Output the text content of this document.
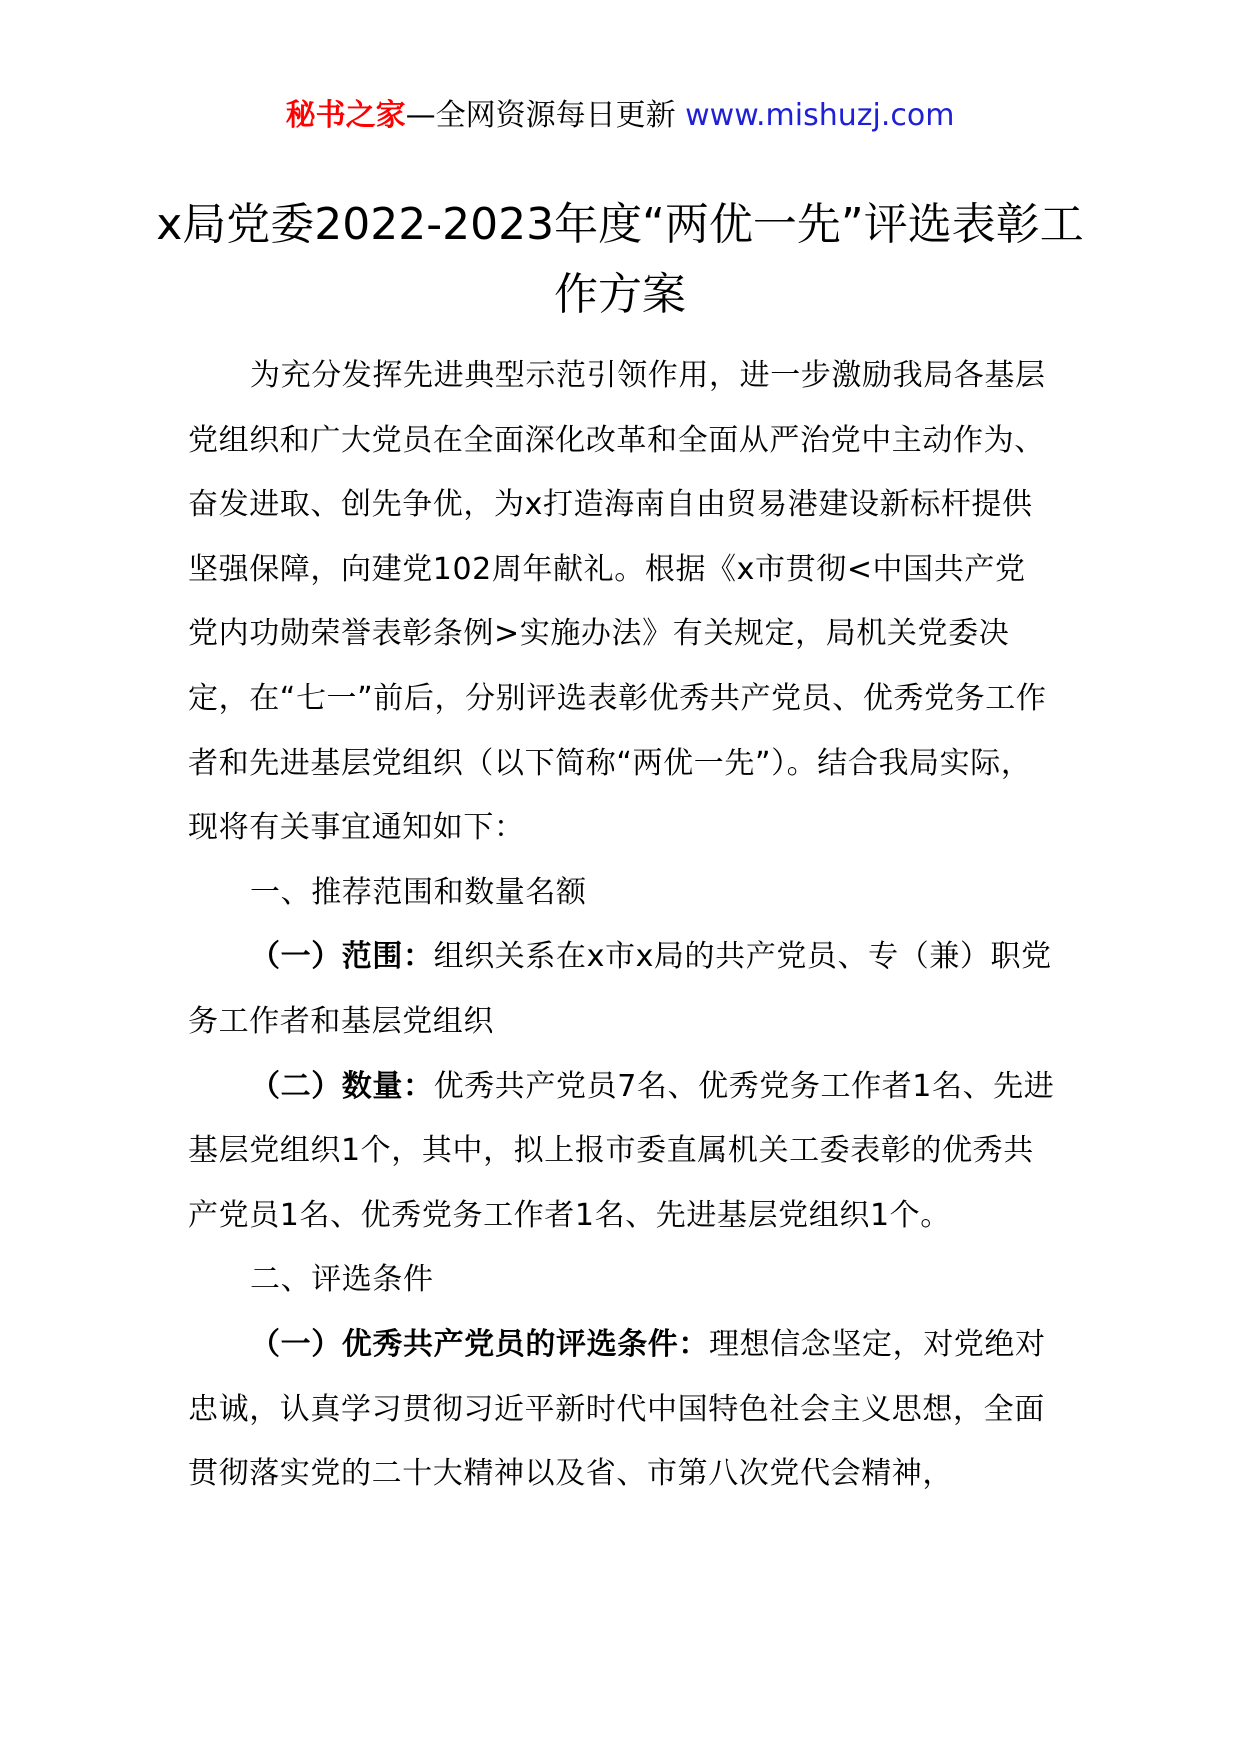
秘书之家—全网资源每日更新 www.mishuzj.com
x局党委2022-2023年度“两优一先”评选表彰工作方案

为充分发挥先进典型示范引领作用，进一步激励我局各基层党组织和广大党员在全面深化改革和全面从严治党中主动作为、奋发进取、创先争优，为x打造海南自由贸易港建设新标杆提供坚强保障，向建党102周年献礼。根据《x市贯彻<中国共产党党内功勋荣誉表彰条例>实施办法》有关规定，局机关党委决定，在“七一”前后，分别评选表彰优秀共产党员、优秀党务工作者和先进基层党组织（以下简称“两优一先”）。结合我局实际，现将有关事宜通知如下：

一、推荐范围和数量名额

（一）范围：组织关系在x市x局的共产党员、专（兼）职党务工作者和基层党组织

（二）数量：优秀共产党员7名、优秀党务工作者1名、先进基层党组织1个，其中，拟上报市委直属机关工委表彰的优秀共产党员1名、优秀党务工作者1名、先进基层党组织1个。

二、评选条件

（一）优秀共产党员的评选条件：理想信念坚定，对党绝对忠诚，认真学习贯彻习近平新时代中国特色社会主义思想，全面贯彻落实党的二十大精神以及省、市第八次党代会精神，
